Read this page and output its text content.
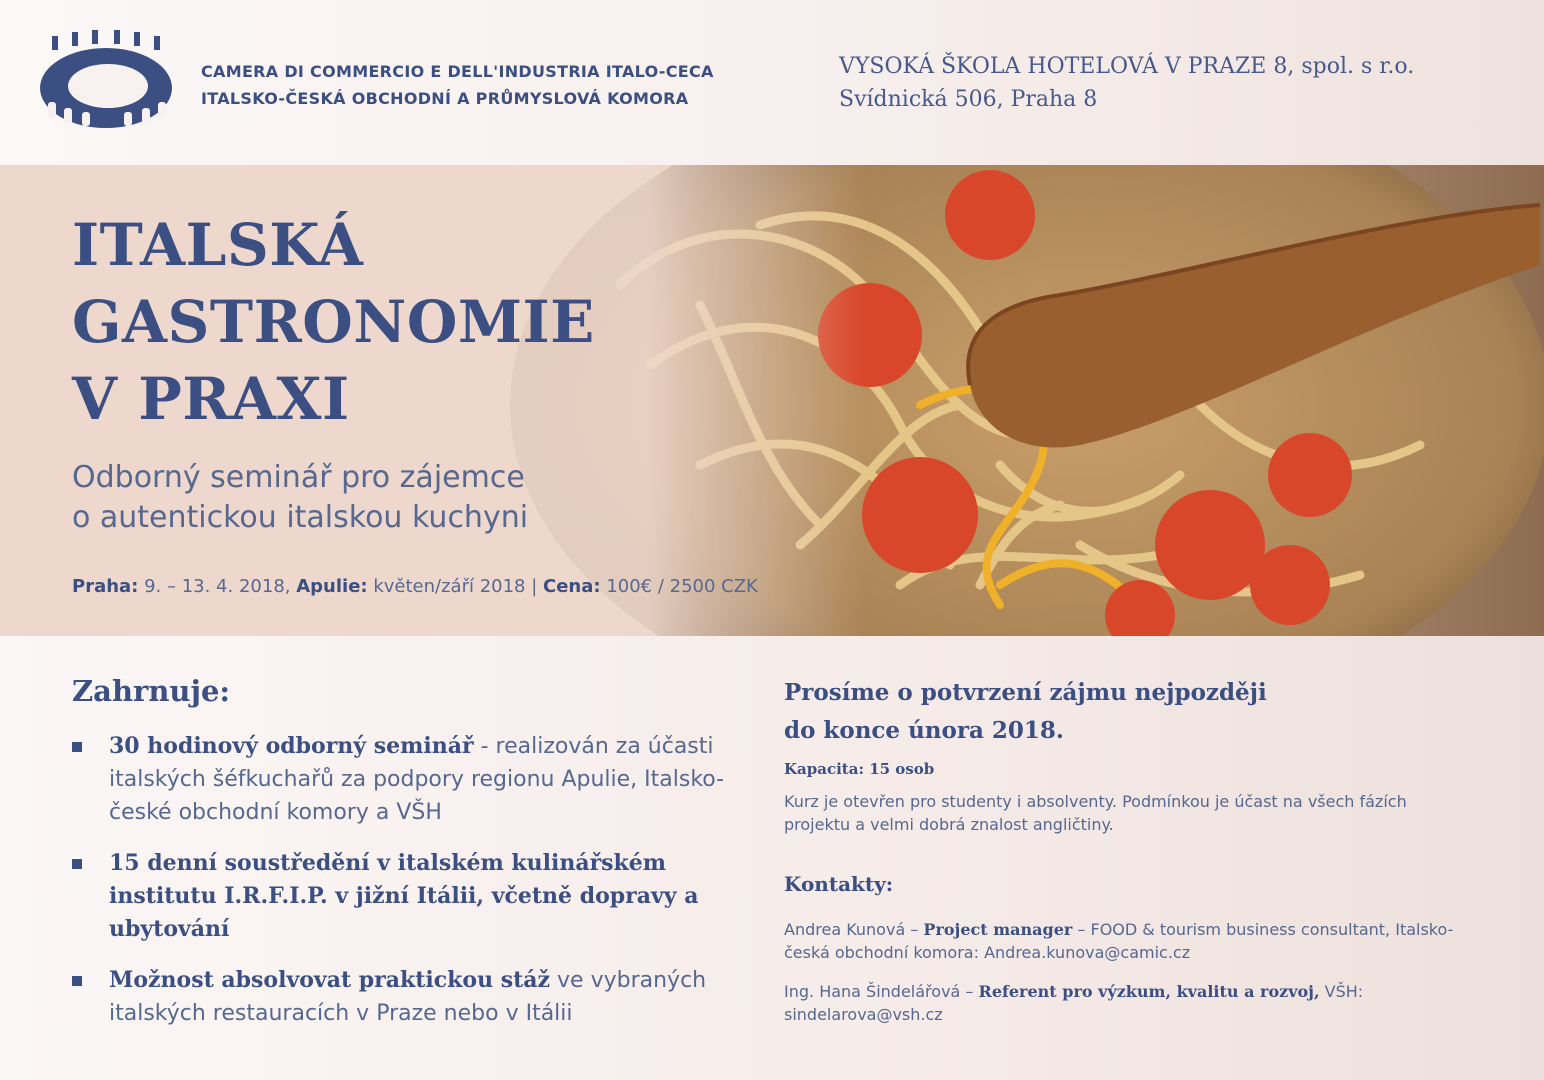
CAMERA DI COMMERCIO E DELL'INDUSTRIA ITALO-CECA
ITALSKO-ČESKÁ OBCHODNÍ A PRŮMYSLOVÁ KOMORA
VYSOKÁ ŠKOLA HOTELOVÁ V PRAZE 8, spol. s r.o.
Svídnická 506, Praha 8
ITALSKÁ
GASTRONOMIE
V PRAXI
Odborný seminář pro zájemce
o autentickou italskou kuchyni
Praha: 9. – 13. 4. 2018, Apulie: květen/září 2018 | Cena: 100€ / 2500 CZK
Zahrnuje:
30 hodinový odborný seminář - realizován za účasti italských šéfkuchařů za podpory regionu Apulie, Italsko-české obchodní komory a VŠH
15 denní soustředění v italském kulinářském institutu I.R.F.I.P. v jižní Itálii, včetně dopravy a ubytování
Možnost absolvovat praktickou stáž ve vybraných italských restauracích v Praze nebo v Itálii
Prosíme o potvrzení zájmu nejpozději
do konce února 2018.
Kapacita: 15 osob
Kurz je otevřen pro studenty i absolventy. Podmínkou je účast na všech fázích projektu a velmi dobrá znalost angličtiny.
Kontakty:
Andrea Kunová – Project manager – FOOD & tourism business consultant, Italsko-česká obchodní komora: Andrea.kunova@camic.cz
Ing. Hana Šindelářová – Referent pro výzkum, kvalitu a rozvoj, VŠH: sindelarova@vsh.cz
